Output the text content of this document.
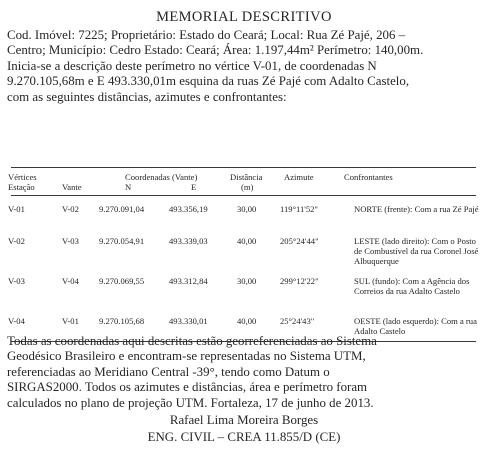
MEMORIAL DESCRITIVO
Cod. Imóvel: 7225; Proprietário: Estado do Ceará; Local: Rua Zé Pajé, 206 –
Centro; Município: Cedro Estado: Ceará; Área: 1.197,44m² Perímetro: 140,00m.
Inicia-se a descrição deste perímetro no vértice V-01, de coordenadas N
9.270.105,68m e E 493.330,01m esquina da ruas Zé Pajé com Adalto Castelo,
com as seguintes distâncias, azimutes e confrontantes:
Vértices
Estação	Vante
Coordenadas (Vante)
N	E
Distância
(m)
Azimute	Confrontantes
V-01	V-02 9.270.091,04	493.356,19	30,00	119°11'52"	NORTE (frente): Com a rua Zé Pajé
V-02	V-03 9.270.054,91	493.339,03	40,00	205°24'44"	LESTE (lado direito): Com o Posto de Combustível da rua Coronel José Albuquerque
V-03	V-04 9.270.069,55	493.312,84	30,00	299°12'22"	SUL (fundo): Com a Agência dos Correios da rua Adalto Castelo
V-04	V-01 9.270.105,68	493.330,01	40,00	25°24'43"	OESTE (lado esquerdo): Com a rua Adalto Castelo
Todas as coordenadas aqui descritas estão georreferenciadas ao Sistema
Geodésico Brasileiro e encontram-se representadas no Sistema UTM,
referenciadas ao Meridiano Central -39°, tendo como Datum o
SIRGAS2000. Todos os azimutes e distâncias, área e perímetro foram
calculados no plano de projeção UTM. Fortaleza, 17 de junho de 2013.
Rafael Lima Moreira Borges
ENG. CIVIL – CREA 11.855/D (CE)
